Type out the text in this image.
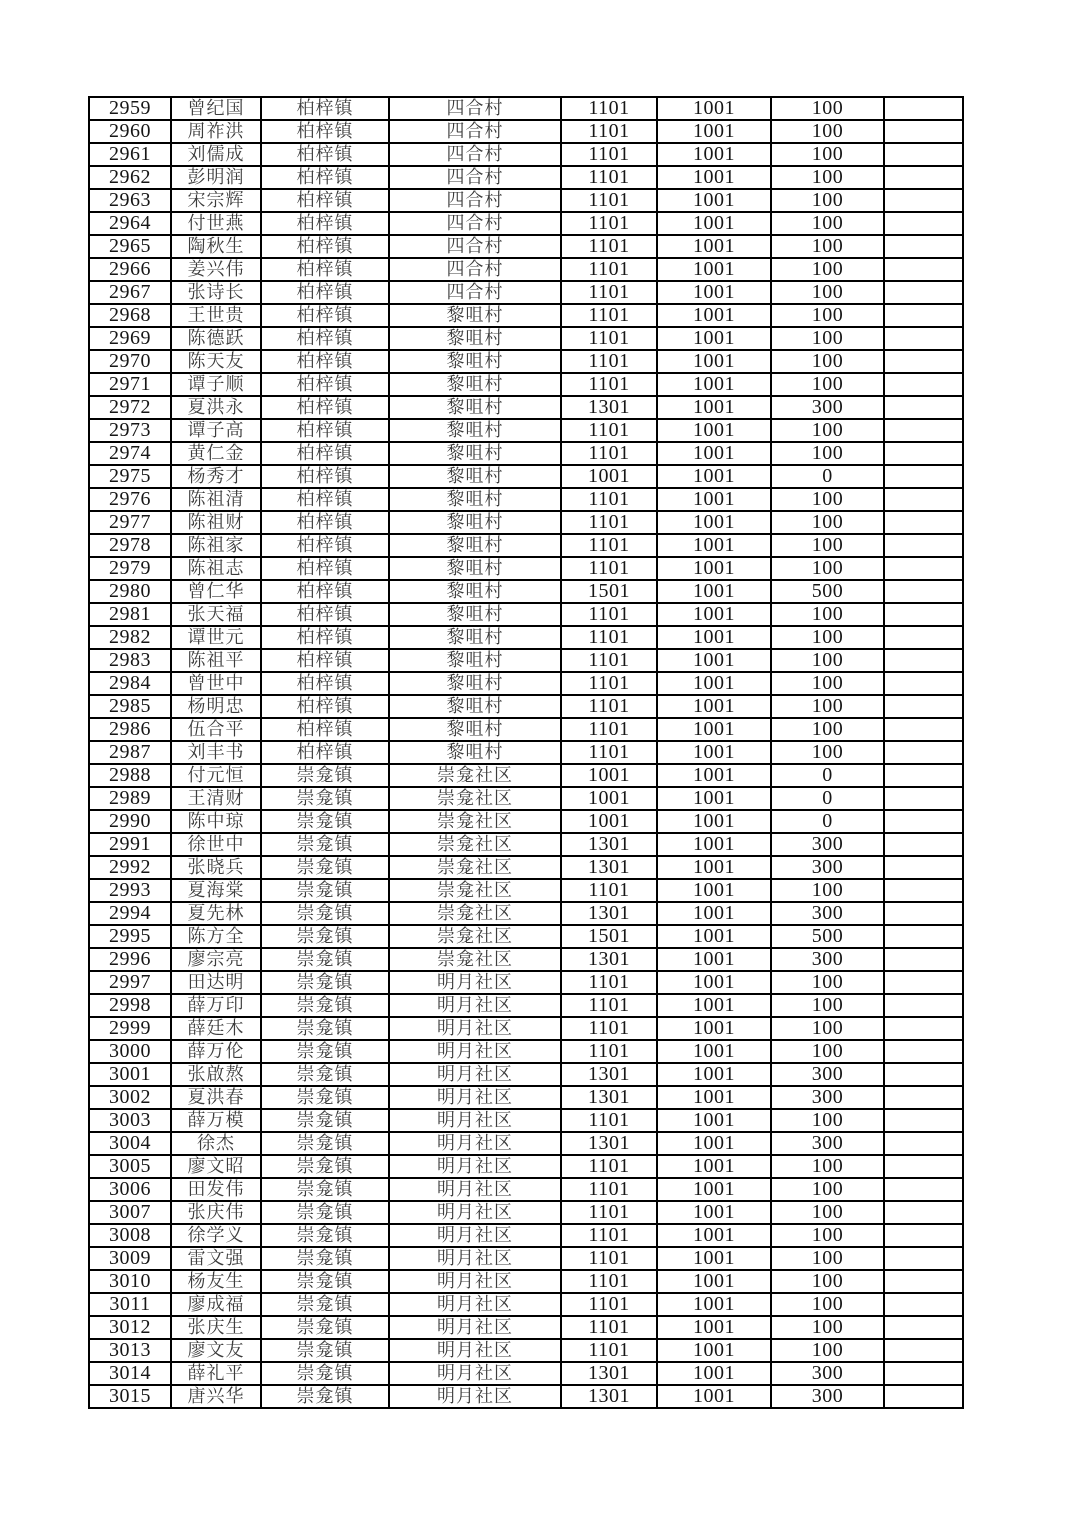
2959	曾纪国	柏梓镇	四合村	1101	1001	100	
2960	周祚洪	柏梓镇	四合村	1101	1001	100	
2961	刘儒成	柏梓镇	四合村	1101	1001	100	
2962	彭明润	柏梓镇	四合村	1101	1001	100	
2963	宋宗辉	柏梓镇	四合村	1101	1001	100	
2964	付世燕	柏梓镇	四合村	1101	1001	100	
2965	陶秋生	柏梓镇	四合村	1101	1001	100	
2966	姜兴伟	柏梓镇	四合村	1101	1001	100	
2967	张诗长	柏梓镇	四合村	1101	1001	100	
2968	王世贵	柏梓镇	黎咀村	1101	1001	100	
2969	陈德跃	柏梓镇	黎咀村	1101	1001	100	
2970	陈天友	柏梓镇	黎咀村	1101	1001	100	
2971	谭子顺	柏梓镇	黎咀村	1101	1001	100	
2972	夏洪永	柏梓镇	黎咀村	1301	1001	300	
2973	谭子高	柏梓镇	黎咀村	1101	1001	100	
2974	黄仁金	柏梓镇	黎咀村	1101	1001	100	
2975	杨秀才	柏梓镇	黎咀村	1001	1001	0	
2976	陈祖清	柏梓镇	黎咀村	1101	1001	100	
2977	陈祖财	柏梓镇	黎咀村	1101	1001	100	
2978	陈祖家	柏梓镇	黎咀村	1101	1001	100	
2979	陈祖志	柏梓镇	黎咀村	1101	1001	100	
2980	曾仁华	柏梓镇	黎咀村	1501	1001	500	
2981	张天福	柏梓镇	黎咀村	1101	1001	100	
2982	谭世元	柏梓镇	黎咀村	1101	1001	100	
2983	陈祖平	柏梓镇	黎咀村	1101	1001	100	
2984	曾世中	柏梓镇	黎咀村	1101	1001	100	
2985	杨明忠	柏梓镇	黎咀村	1101	1001	100	
2986	伍合平	柏梓镇	黎咀村	1101	1001	100	
2987	刘丰书	柏梓镇	黎咀村	1101	1001	100	
2988	付元恒	崇龛镇	崇龛社区	1001	1001	0	
2989	王清财	崇龛镇	崇龛社区	1001	1001	0	
2990	陈中琼	崇龛镇	崇龛社区	1001	1001	0	
2991	徐世中	崇龛镇	崇龛社区	1301	1001	300	
2992	张晓兵	崇龛镇	崇龛社区	1301	1001	300	
2993	夏海棠	崇龛镇	崇龛社区	1101	1001	100	
2994	夏先林	崇龛镇	崇龛社区	1301	1001	300	
2995	陈方全	崇龛镇	崇龛社区	1501	1001	500	
2996	廖宗亮	崇龛镇	崇龛社区	1301	1001	300	
2997	田达明	崇龛镇	明月社区	1101	1001	100	
2998	薛万印	崇龛镇	明月社区	1101	1001	100	
2999	薛廷木	崇龛镇	明月社区	1101	1001	100	
3000	薛万伦	崇龛镇	明月社区	1101	1001	100	
3001	张啟熬	崇龛镇	明月社区	1301	1001	300	
3002	夏洪春	崇龛镇	明月社区	1301	1001	300	
3003	薛万模	崇龛镇	明月社区	1101	1001	100	
3004	徐杰	崇龛镇	明月社区	1301	1001	300	
3005	廖文昭	崇龛镇	明月社区	1101	1001	100	
3006	田发伟	崇龛镇	明月社区	1101	1001	100	
3007	张庆伟	崇龛镇	明月社区	1101	1001	100	
3008	徐学义	崇龛镇	明月社区	1101	1001	100	
3009	雷文强	崇龛镇	明月社区	1101	1001	100	
3010	杨友生	崇龛镇	明月社区	1101	1001	100	
3011	廖成福	崇龛镇	明月社区	1101	1001	100	
3012	张庆生	崇龛镇	明月社区	1101	1001	100	
3013	廖文友	崇龛镇	明月社区	1101	1001	100	
3014	薛礼平	崇龛镇	明月社区	1301	1001	300	
3015	唐兴华	崇龛镇	明月社区	1301	1001	300	
